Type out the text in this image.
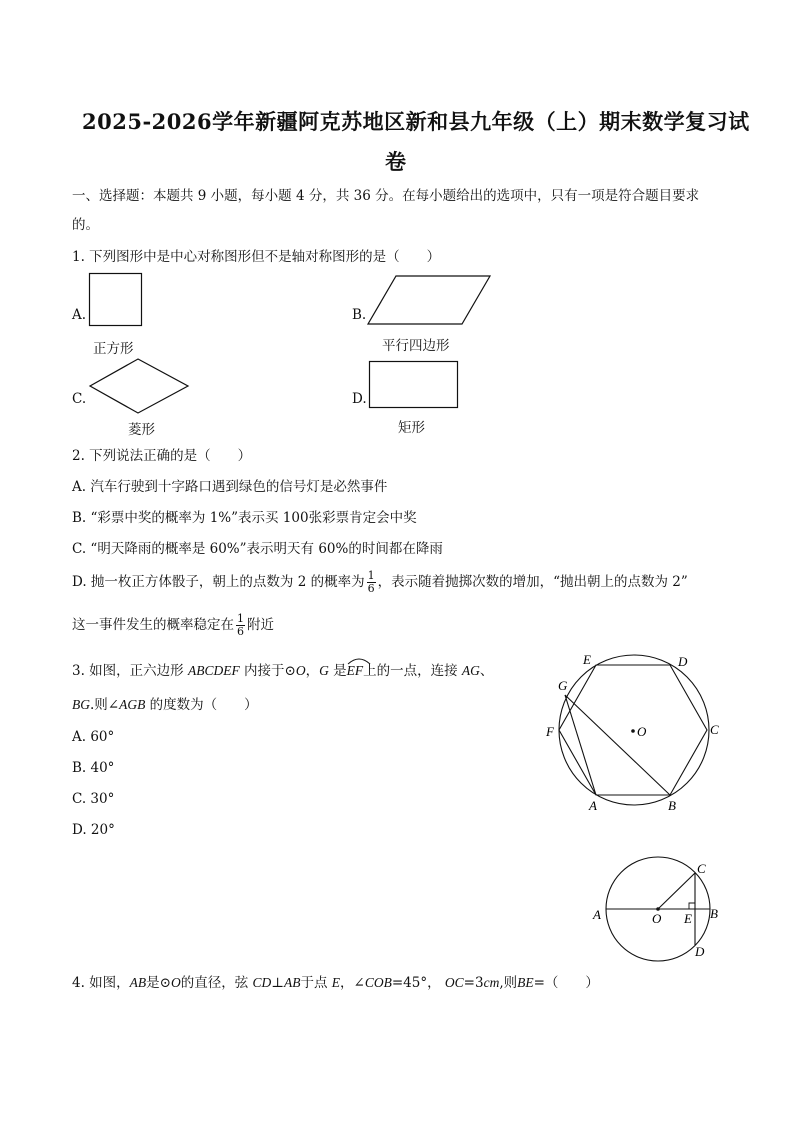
2025-2026学年新疆阿克苏地区新和县九年级（上）期末数学复习试
卷
一、选择题：本题共 9 小题，每小题 4 分，共 36 分。在每小题给出的选项中，只有一项是符合题目要求
的。
1. 下列图形中是中心对称图形但不是轴对称图形的是（　　）
A.
正方形
B.
平行四边形
C.
菱形
D.
矩形
2. 下列说法正确的是（　　）
A. 汽车行驶到十字路口遇到绿色的信号灯是必然事件
B. “彩票中奖的概率为 1%”表示买 100张彩票肯定会中奖
C. “明天降雨的概率是 60%”表示明天有 60%的时间都在降雨
D. 抛一枚正方体骰子，朝上的点数为 2 的概率为 $\frac{1}{6}$ ，表示随着抛掷次数的增加，“抛出朝上的点数为 2”
这一事件发生的概率稳定在 $\frac{1}{6}$ 附近
3. 如图，正六边形 ABCDEF 内接于⊙O，G 是
EF上的一点，连接 AG、
BG.则∠AGB 的度数为（　　）
A. 60°
B. 40°
C. 30°
D. 20°
E	D
G
F	C
O
A	B
A	O E B
C
D
4. 如图，AB是⊙O的直径，弦 CD⊥AB于点 E，∠COB=45°， OC=3cm,则BE=（　　）
